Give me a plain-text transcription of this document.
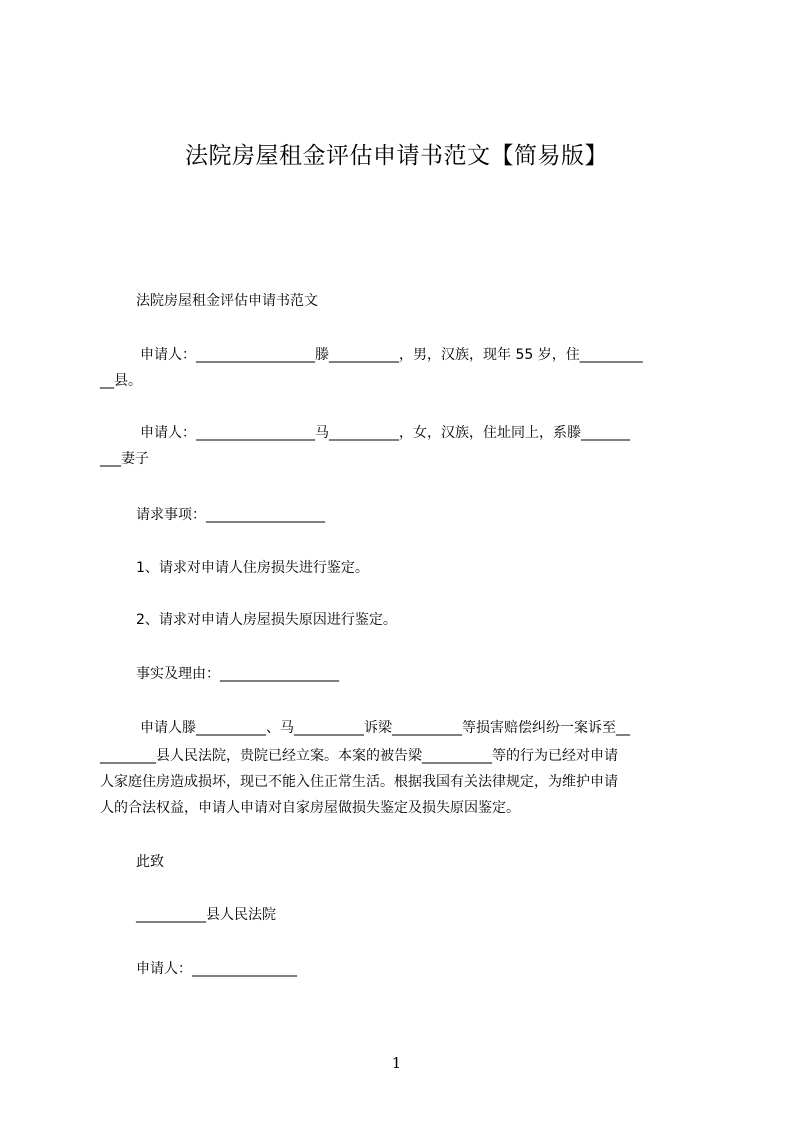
法院房屋租金评估申请书范文【简易版】
法院房屋租金评估申请书范文
申请人：_________________滕__________，男，汉族，现年 55 岁，住_________
__县。
申请人：_________________马__________，女，汉族，住址同上，系滕_______
___妻子
请求事项：_________________
1、请求对申请人住房损失进行鉴定。
2、请求对申请人房屋损失原因进行鉴定。
事实及理由：_________________
申请人滕__________、马__________诉梁__________等损害赔偿纠纷一案诉至__
________县人民法院，贵院已经立案。本案的被告梁__________等的行为已经对申请
人家庭住房造成损坏，现已不能入住正常生活。根据我国有关法律规定，为维护申请
人的合法权益，申请人申请对自家房屋做损失鉴定及损失原因鉴定。
此致
__________县人民法院
申请人：_______________
1
